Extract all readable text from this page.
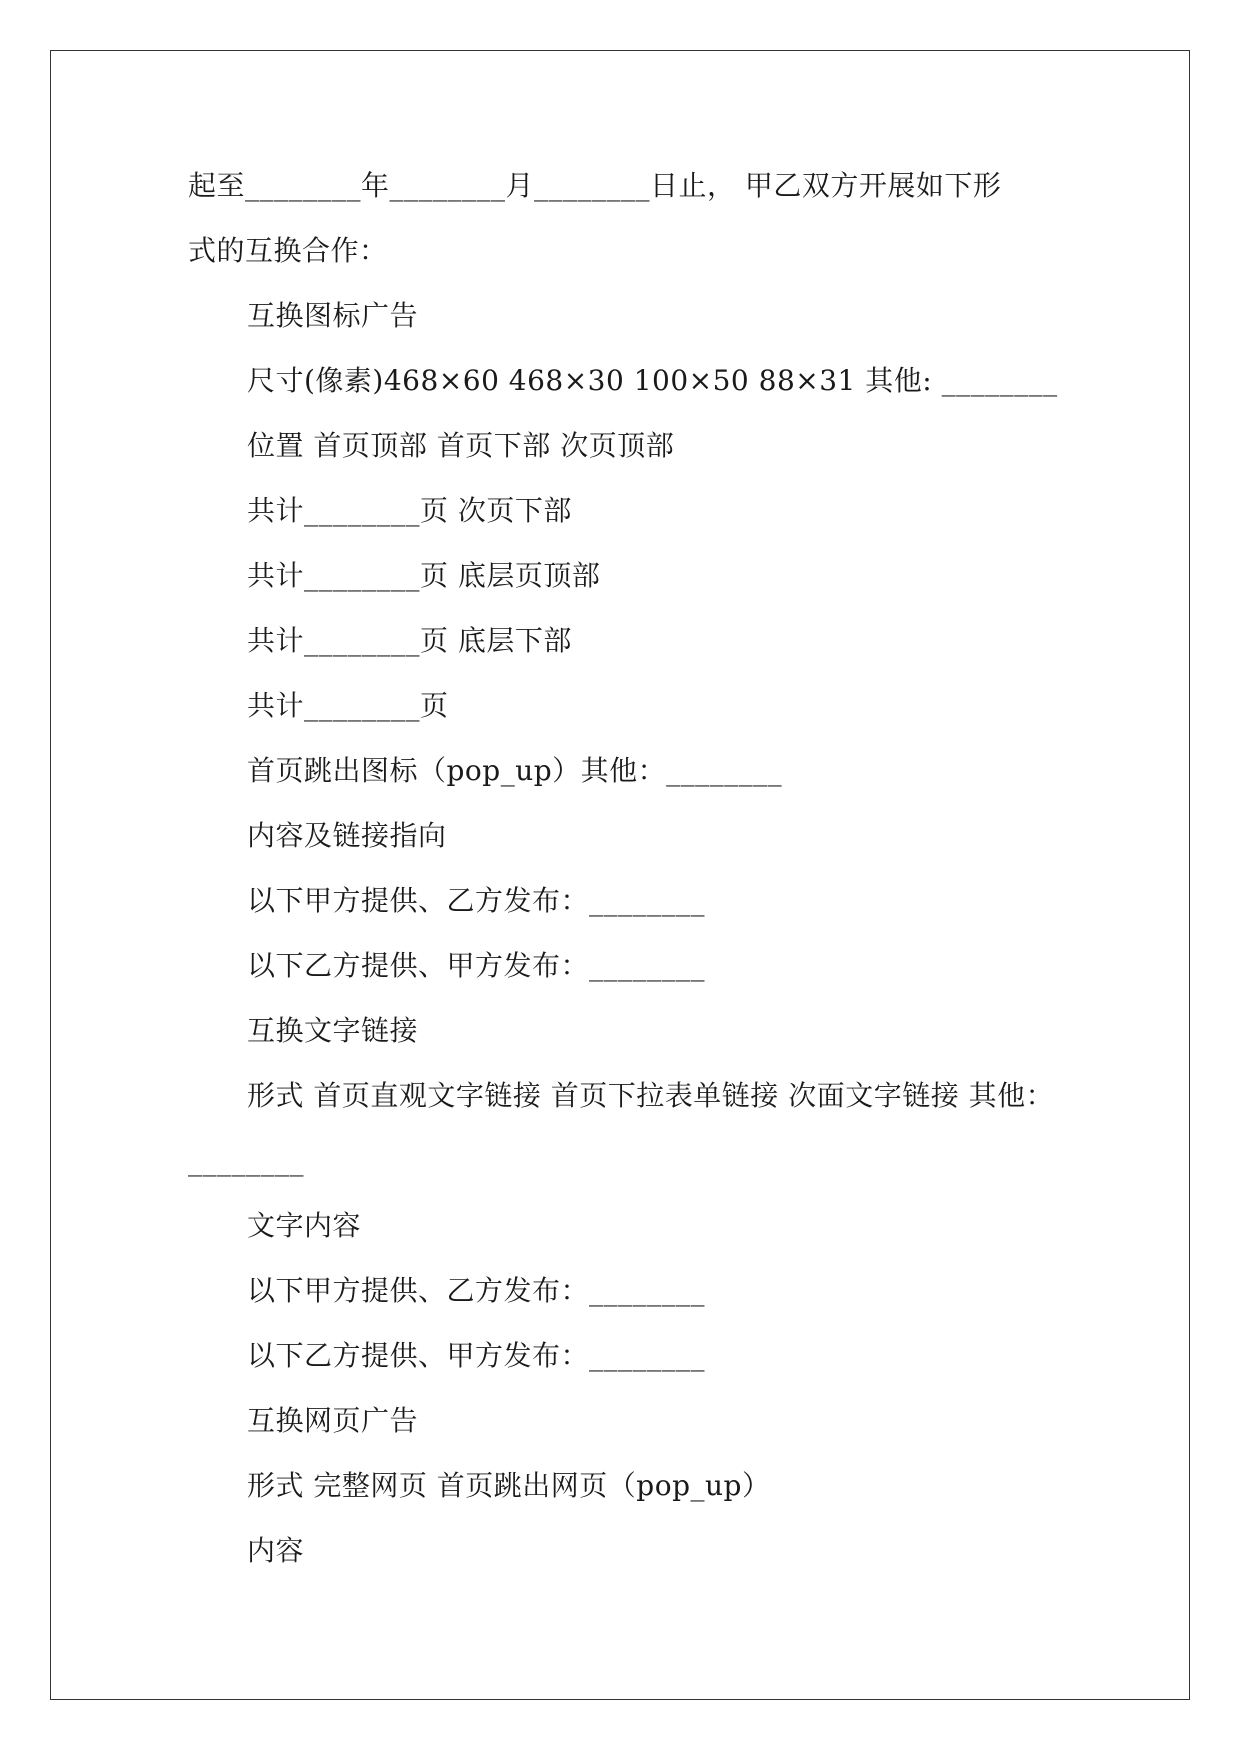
起至________年________月________日止， 甲乙双方开展如下形
式的互换合作：
互换图标广告
尺寸(像素)468×60 468×30 100×50 88×31 其他: ________
位置 首页顶部 首页下部 次页顶部
共计________页 次页下部
共计________页 底层页顶部
共计________页 底层下部
共计________页
首页跳出图标（pop_up）其他：________
内容及链接指向
以下甲方提供、乙方发布：________
以下乙方提供、甲方发布：________
互换文字链接
形式 首页直观文字链接 首页下拉表单链接 次面文字链接 其他：
________
文字内容
以下甲方提供、乙方发布：________
以下乙方提供、甲方发布：________
互换网页广告
形式 完整网页 首页跳出网页（pop_up）
内容
